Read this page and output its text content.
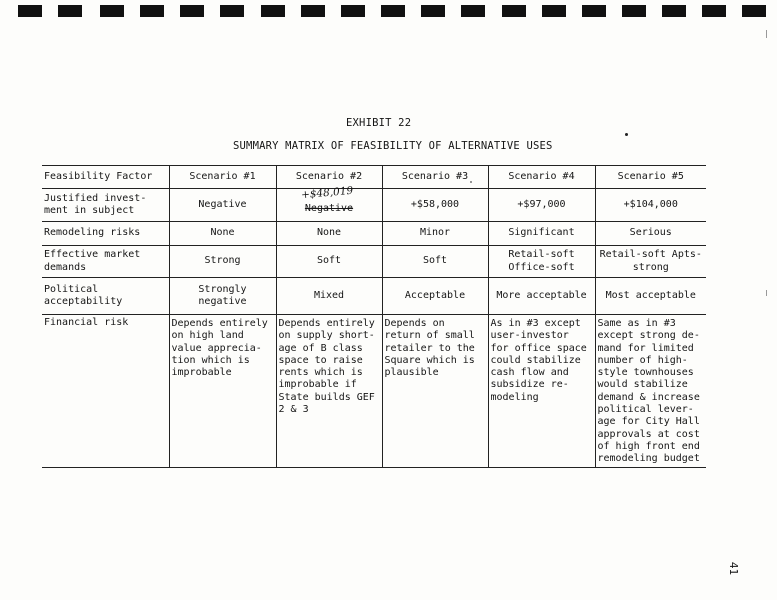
EXHIBIT 22
SUMMARY MATRIX OF FEASIBILITY OF ALTERNATIVE USES
Feasibility Factor	Scenario #1	Scenario #2	Scenario #3	Scenario #4	Scenario #5
Justified invest- ment in subject	Negative	Negative	+$58,000	+$97,000	+$104,000
Remodeling risks	None	None	Minor	Significant	Serious
Effective market demands	Strong	Soft	Soft	Retail-soft Office-soft	Retail-soft Apts-strong
Political acceptability	Strongly negative	Mixed	Acceptable	More acceptable	Most acceptable
Financial risk	Depends entirely on high land value apprecia- tion which is improbable	Depends entirely on supply short- age of B class space to raise rents which is improbable if State builds GEF 2 & 3	Depends on return of small retailer to the Square which is plausible	As in #3 except user-investor for office space could stabilize cash flow and subsidize re- modeling	Same as in #3 except strong de- mand for limited number of high- style townhouses would stabilize demand & increase political lever- age for City Hall approvals at cost of high front end remodeling budget
+$48,019
41
